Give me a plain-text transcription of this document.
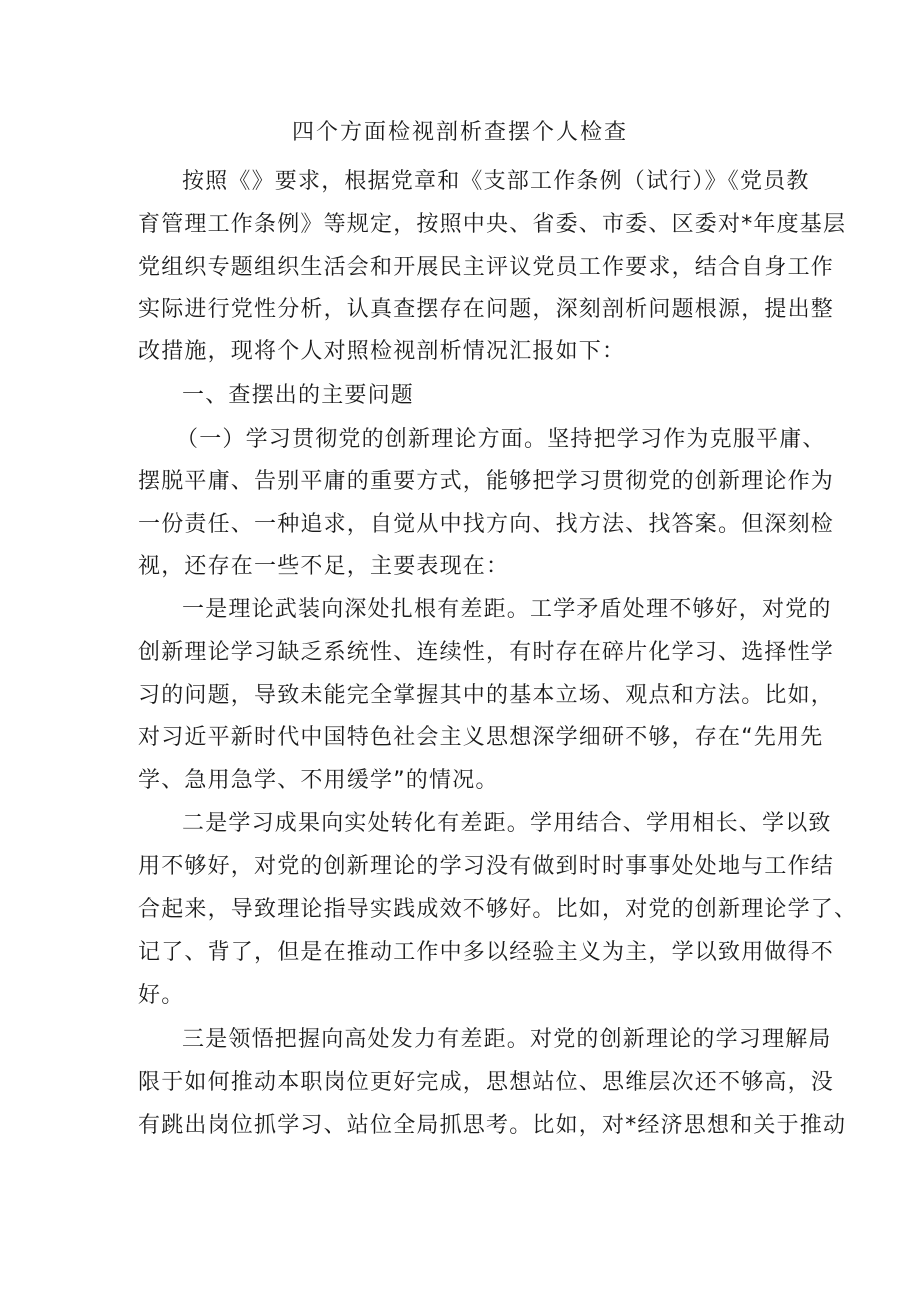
四个方面检视剖析查摆个人检查
按照《》要求，根据党章和《支部工作条例（试行）》《党员教
育管理工作条例》等规定，按照中央、省委、市委、区委对*年度基层
党组织专题组织生活会和开展民主评议党员工作要求，结合自身工作
实际进行党性分析，认真查摆存在问题，深刻剖析问题根源，提出整
改措施，现将个人对照检视剖析情况汇报如下：
一、查摆出的主要问题
（一）学习贯彻党的创新理论方面。坚持把学习作为克服平庸、
摆脱平庸、告别平庸的重要方式，能够把学习贯彻党的创新理论作为
一份责任、一种追求，自觉从中找方向、找方法、找答案。但深刻检
视，还存在一些不足，主要表现在：
一是理论武装向深处扎根有差距。工学矛盾处理不够好，对党的
创新理论学习缺乏系统性、连续性，有时存在碎片化学习、选择性学
习的问题，导致未能完全掌握其中的基本立场、观点和方法。比如，
对习近平新时代中国特色社会主义思想深学细研不够，存在“先用先
学、急用急学、不用缓学”的情况。
二是学习成果向实处转化有差距。学用结合、学用相长、学以致
用不够好，对党的创新理论的学习没有做到时时事事处处地与工作结
合起来，导致理论指导实践成效不够好。比如，对党的创新理论学了、
记了、背了，但是在推动工作中多以经验主义为主，学以致用做得不
好。
三是领悟把握向高处发力有差距。对党的创新理论的学习理解局
限于如何推动本职岗位更好完成，思想站位、思维层次还不够高，没
有跳出岗位抓学习、站位全局抓思考。比如，对*经济思想和关于推动
